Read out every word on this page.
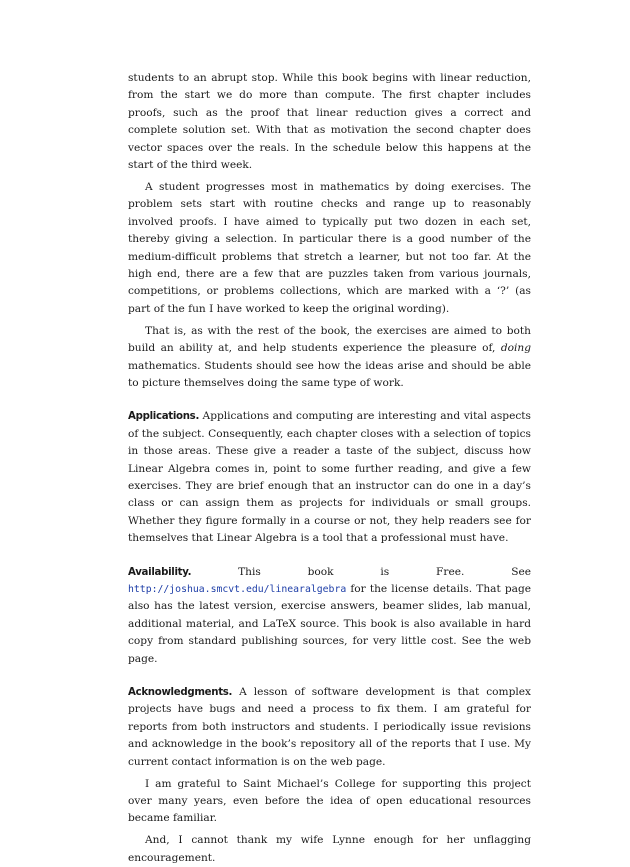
students to an abrupt stop. While this book begins with linear reduction, from the start we do more than compute. The first chapter includes proofs, such as the proof that linear reduction gives a correct and complete solution set. With that as motivation the second chapter does vector spaces over the reals. In the schedule below this happens at the start of the third week.

A student progresses most in mathematics by doing exercises. The problem sets start with routine checks and range up to reasonably involved proofs. I have aimed to typically put two dozen in each set, thereby giving a selection. In particular there is a good number of the medium-difficult problems that stretch a learner, but not too far. At the high end, there are a few that are puzzles taken from various journals, competitions, or problems collections, which are marked with a ‘?’ (as part of the fun I have worked to keep the original wording).

That is, as with the rest of the book, the exercises are aimed to both build an ability at, and help students experience the pleasure of, doing mathematics. Students should see how the ideas arise and should be able to picture themselves doing the same type of work.

Applications. Applications and computing are interesting and vital aspects of the subject. Consequently, each chapter closes with a selection of topics in those areas. These give a reader a taste of the subject, discuss how Linear Algebra comes in, point to some further reading, and give a few exercises. They are brief enough that an instructor can do one in a day’s class or can assign them as projects for individuals or small groups. Whether they figure formally in a course or not, they help readers see for themselves that Linear Algebra is a tool that a professional must have.

Availability.	This book is Free. See http://joshua.smcvt.edu/linearalgebra for the license details. That page also has the latest version, exercise answers, beamer slides, lab manual, additional material, and LaTeX source. This book is also available in hard copy from standard publishing sources, for very little cost. See the web page.

Acknowledgments. A lesson of software development is that complex projects have bugs and need a process to fix them. I am grateful for reports from both instructors and students. I periodically issue revisions and acknowledge in the book’s repository all of the reports that I use. My current contact information is on the web page.

I am grateful to Saint Michael’s College for supporting this project over many years, even before the idea of open educational resources became familiar.

And, I cannot thank my wife Lynne enough for her unflagging encouragement.
